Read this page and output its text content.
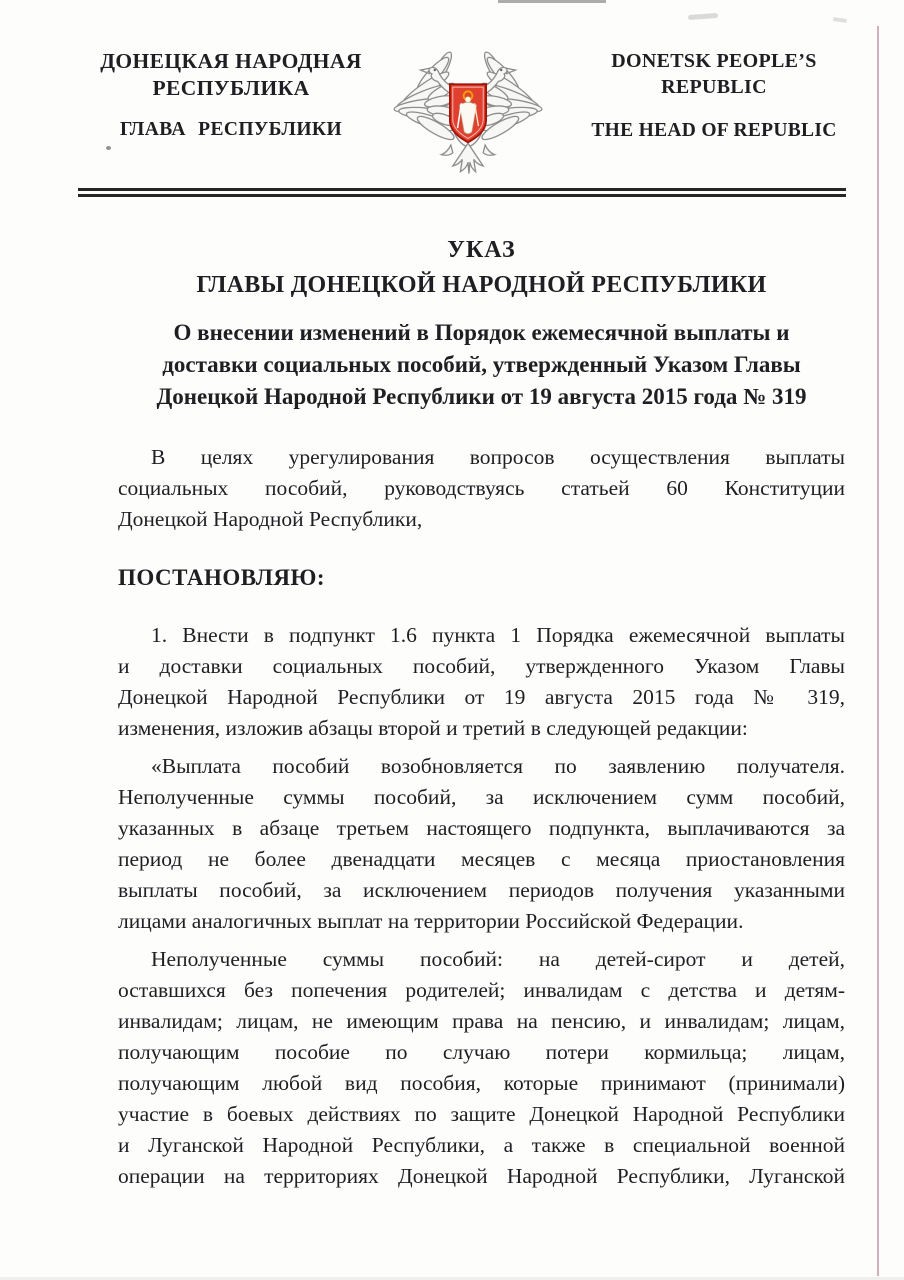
ДОНЕЦКАЯ НАРОДНАЯ
РЕСПУБЛИКА
ГЛАВА РЕСПУБЛИКИ
DONETSK PEOPLE’S
REPUBLIC
THE HEAD OF REPUBLIC
УКАЗ
ГЛАВЫ ДОНЕЦКОЙ НАРОДНОЙ РЕСПУБЛИКИ
О внесении изменений в Порядок ежемесячной выплаты и
доставки социальных пособий, утвержденный Указом Главы
Донецкой Народной Республики от 19 августа 2015 года № 319
В целях урегулирования вопросов осуществления выплаты
социальных пособий, руководствуясь статьей 60 Конституции
Донецкой Народной Республики,
ПОСТАНОВЛЯЮ:
1. Внести в подпункт 1.6 пункта 1 Порядка ежемесячной выплаты
и доставки социальных пособий, утвержденного Указом Главы
Донецкой Народной Республики от 19 августа 2015 года № 319,
изменения, изложив абзацы второй и третий в следующей редакции:
«Выплата пособий возобновляется по заявлению получателя.
Неполученные суммы пособий, за исключением сумм пособий,
указанных в абзаце третьем настоящего подпункта, выплачиваются за
период не более двенадцати месяцев с месяца приостановления
выплаты пособий, за исключением периодов получения указанными
лицами аналогичных выплат на территории Российской Федерации.
Неполученные суммы пособий: на детей-сирот и детей,
оставшихся без попечения родителей; инвалидам с детства и детям-
инвалидам; лицам, не имеющим права на пенсию, и инвалидам; лицам,
получающим пособие по случаю потери кормильца; лицам,
получающим любой вид пособия, которые принимают (принимали)
участие в боевых действиях по защите Донецкой Народной Республики
и Луганской Народной Республики, а также в специальной военной
операции на территориях Донецкой Народной Республики, Луганской
